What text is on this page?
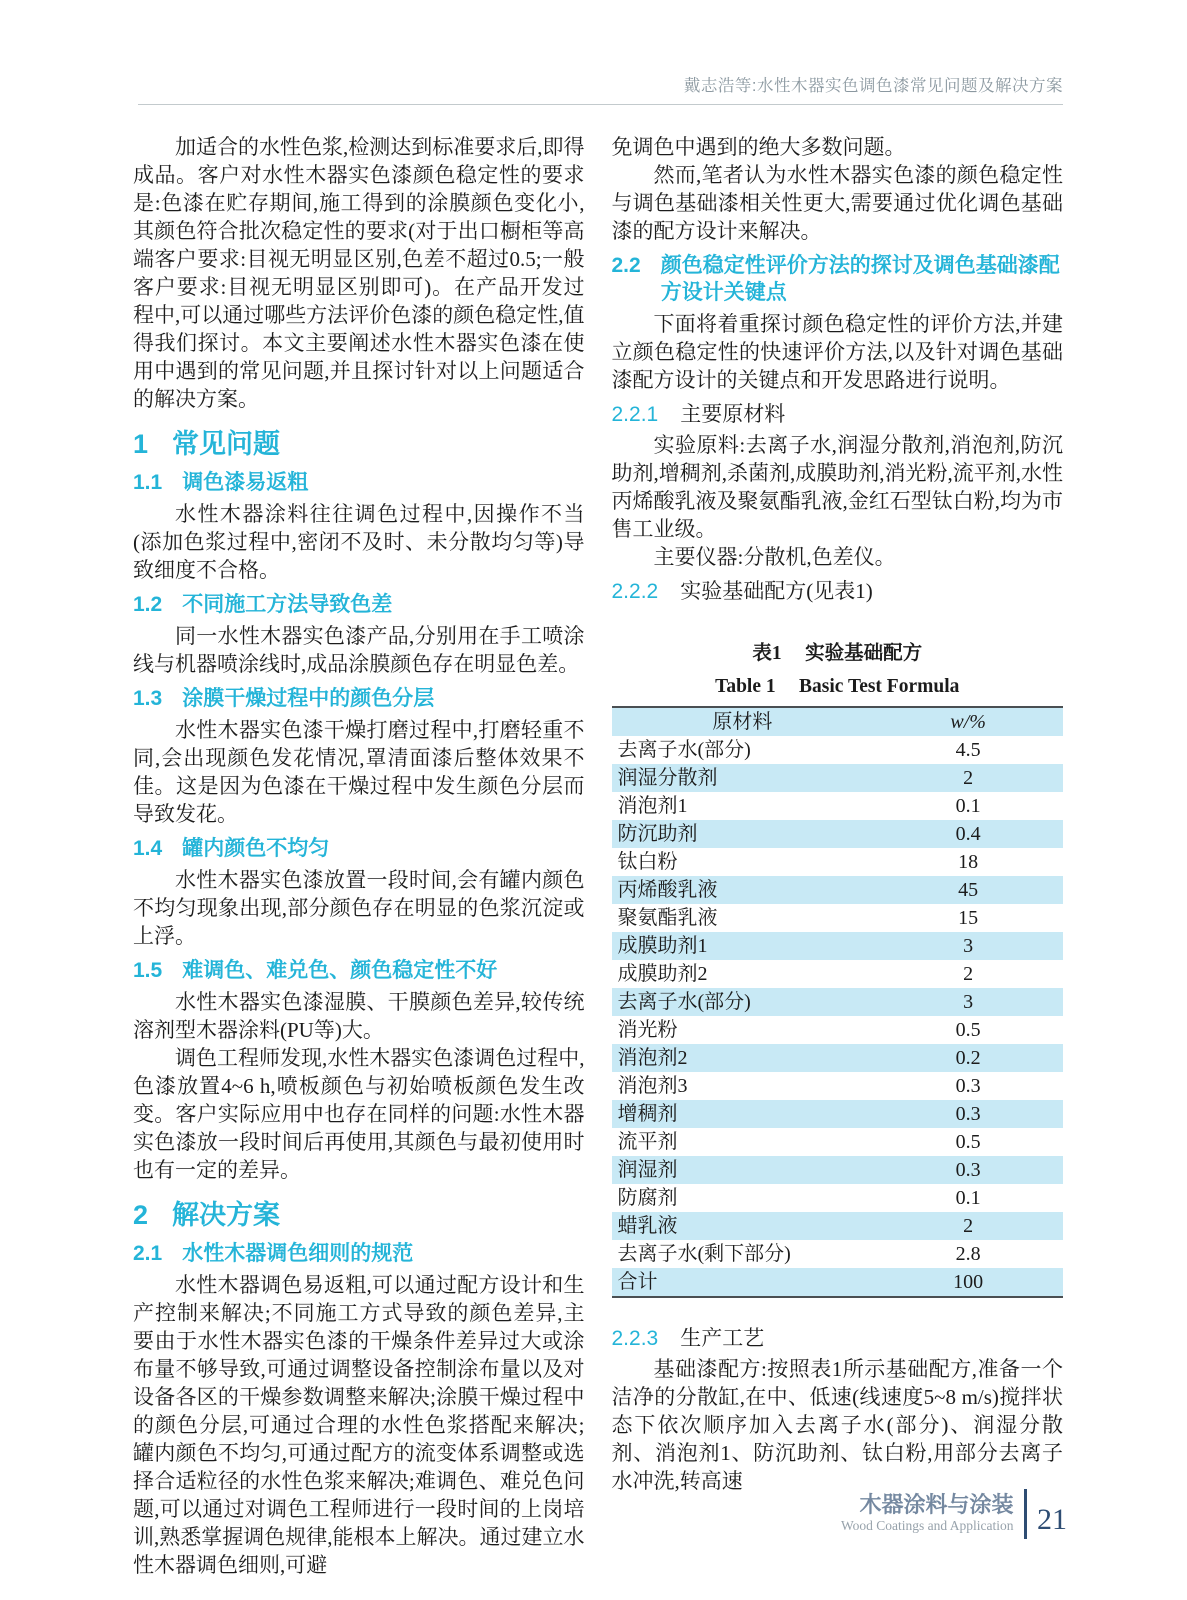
戴志浩等:水性木器实色调色漆常见问题及解决方案

加适合的水性色浆,检测达到标准要求后,即得成品。客户对水性木器实色漆颜色稳定性的要求是:色漆在贮存期间,施工得到的涂膜颜色变化小,其颜色符合批次稳定性的要求(对于出口橱柜等高端客户要求:目视无明显区别,色差不超过0.5;一般客户要求:目视无明显区别即可)。在产品开发过程中,可以通过哪些方法评价色漆的颜色稳定性,值得我们探讨。本文主要阐述水性木器实色漆在使用中遇到的常见问题,并且探讨针对以上问题适合的解决方案。

1 常见问题
1.1 调色漆易返粗

水性木器涂料往往调色过程中,因操作不当(添加色浆过程中,密闭不及时、未分散均匀等)导致细度不合格。

1.2 不同施工方法导致色差

同一水性木器实色漆产品,分别用在手工喷涂线与机器喷涂线时,成品涂膜颜色存在明显色差。

1.3 涂膜干燥过程中的颜色分层

水性木器实色漆干燥打磨过程中,打磨轻重不同,会出现颜色发花情况,罩清面漆后整体效果不佳。这是因为色漆在干燥过程中发生颜色分层而导致发花。

1.4 罐内颜色不均匀

水性木器实色漆放置一段时间,会有罐内颜色不均匀现象出现,部分颜色存在明显的色浆沉淀或上浮。

1.5 难调色、难兑色、颜色稳定性不好

水性木器实色漆湿膜、干膜颜色差异,较传统溶剂型木器涂料(PU等)大。

调色工程师发现,水性木器实色漆调色过程中,色漆放置4~6 h,喷板颜色与初始喷板颜色发生改变。客户实际应用中也存在同样的问题:水性木器实色漆放一段时间后再使用,其颜色与最初使用时也有一定的差异。

2 解决方案
2.1 水性木器调色细则的规范

水性木器调色易返粗,可以通过配方设计和生产控制来解决;不同施工方式导致的颜色差异,主要由于水性木器实色漆的干燥条件差异过大或涂布量不够导致,可通过调整设备控制涂布量以及对设备各区的干燥参数调整来解决;涂膜干燥过程中的颜色分层,可通过合理的水性色浆搭配来解决;罐内颜色不均匀,可通过配方的流变体系调整或选择合适粒径的水性色浆来解决;难调色、难兑色问题,可以通过对调色工程师进行一段时间的上岗培训,熟悉掌握调色规律,能根本上解决。通过建立水性木器调色细则,可避

免调色中遇到的绝大多数问题。

然而,笔者认为水性木器实色漆的颜色稳定性与调色基础漆相关性更大,需要通过优化调色基础漆的配方设计来解决。

2.2 颜色稳定性评价方法的探讨及调色基础漆配方设计关键点

下面将着重探讨颜色稳定性的评价方法,并建立颜色稳定性的快速评价方法,以及针对调色基础漆配方设计的关键点和开发思路进行说明。

2.2.1 主要原材料

实验原料:去离子水,润湿分散剂,消泡剂,防沉助剂,增稠剂,杀菌剂,成膜助剂,消光粉,流平剂,水性丙烯酸乳液及聚氨酯乳液,金红石型钛白粉,均为市售工业级。

主要仪器:分散机,色差仪。

2.2.2 实验基础配方(见表1)
表1 实验基础配方
Table 1 Basic Test Formula
原材料	w/%
去离子水(部分)	4.5
润湿分散剂	2
消泡剂1	0.1
防沉助剂	0.4
钛白粉	18
丙烯酸乳液	45
聚氨酯乳液	15
成膜助剂1	3
成膜助剂2	2
去离子水(部分)	3
消光粉	0.5
消泡剂2	0.2
消泡剂3	0.3
增稠剂	0.3
流平剂	0.5
润湿剂	0.3
防腐剂	0.1
蜡乳液	2
去离子水(剩下部分)	2.8
合计	100
2.2.3 生产工艺

基础漆配方:按照表1所示基础配方,准备一个洁净的分散缸,在中、低速(线速度5~8 m/s)搅拌状态下依次顺序加入去离子水(部分)、润湿分散剂、消泡剂1、防沉助剂、钛白粉,用部分去离子水冲洗,转高速

木器涂料与涂装
Wood Coatings and Application 21
